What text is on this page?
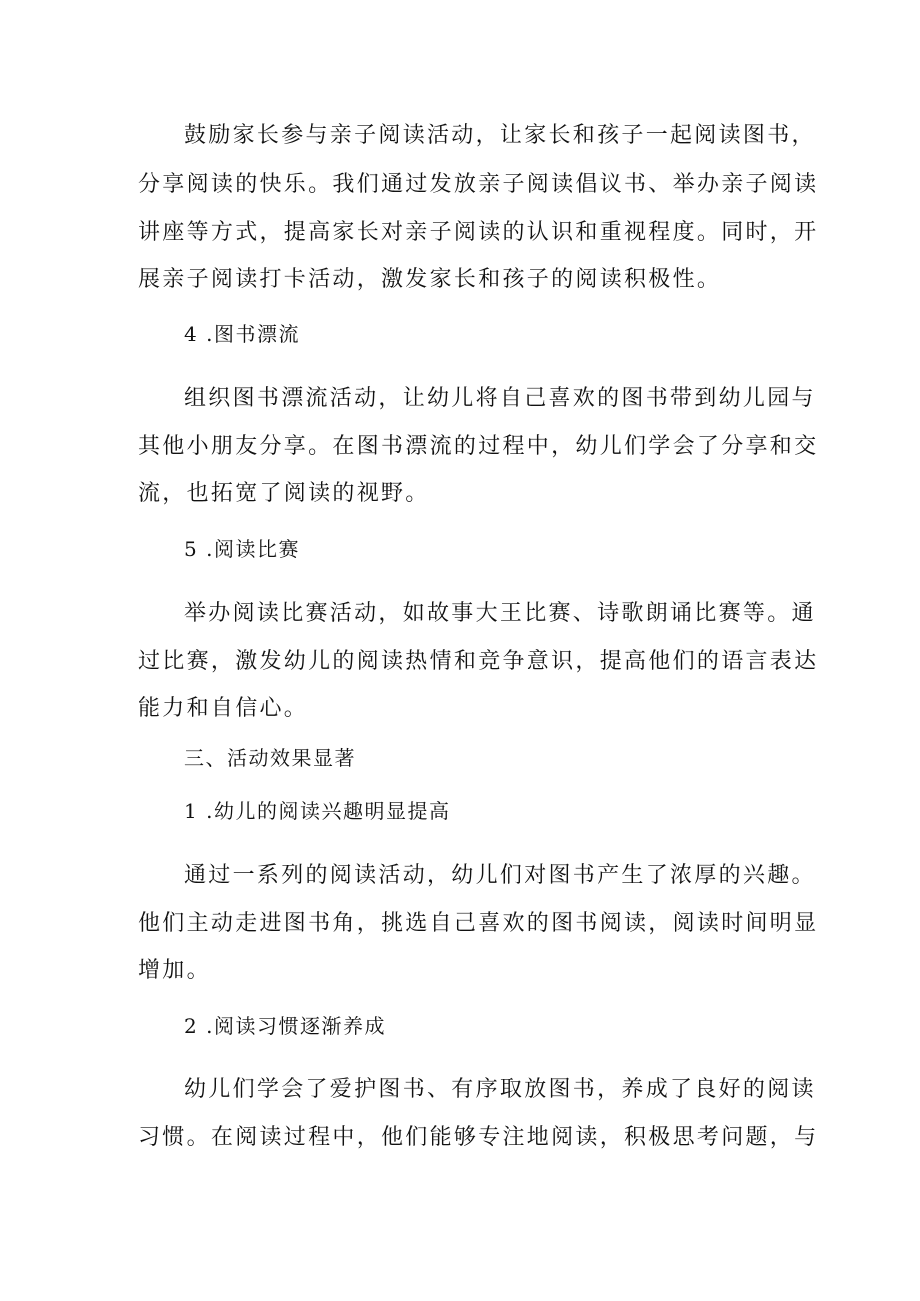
鼓励家长参与亲子阅读活动，让家长和孩子一起阅读图书，
分享阅读的快乐。我们通过发放亲子阅读倡议书、举办亲子阅读
讲座等方式，提高家长对亲子阅读的认识和重视程度。同时，开
展亲子阅读打卡活动，激发家长和孩子的阅读积极性。
4 .图书漂流
组织图书漂流活动，让幼儿将自己喜欢的图书带到幼儿园与
其他小朋友分享。在图书漂流的过程中，幼儿们学会了分享和交
流，也拓宽了阅读的视野。
5 .阅读比赛
举办阅读比赛活动，如故事大王比赛、诗歌朗诵比赛等。通
过比赛，激发幼儿的阅读热情和竞争意识，提高他们的语言表达
能力和自信心。
三、活动效果显著
1 .幼儿的阅读兴趣明显提高
通过一系列的阅读活动，幼儿们对图书产生了浓厚的兴趣。
他们主动走进图书角，挑选自己喜欢的图书阅读，阅读时间明显
增加。
2 .阅读习惯逐渐养成
幼儿们学会了爱护图书、有序取放图书，养成了良好的阅读
习惯。在阅读过程中，他们能够专注地阅读，积极思考问题，与
